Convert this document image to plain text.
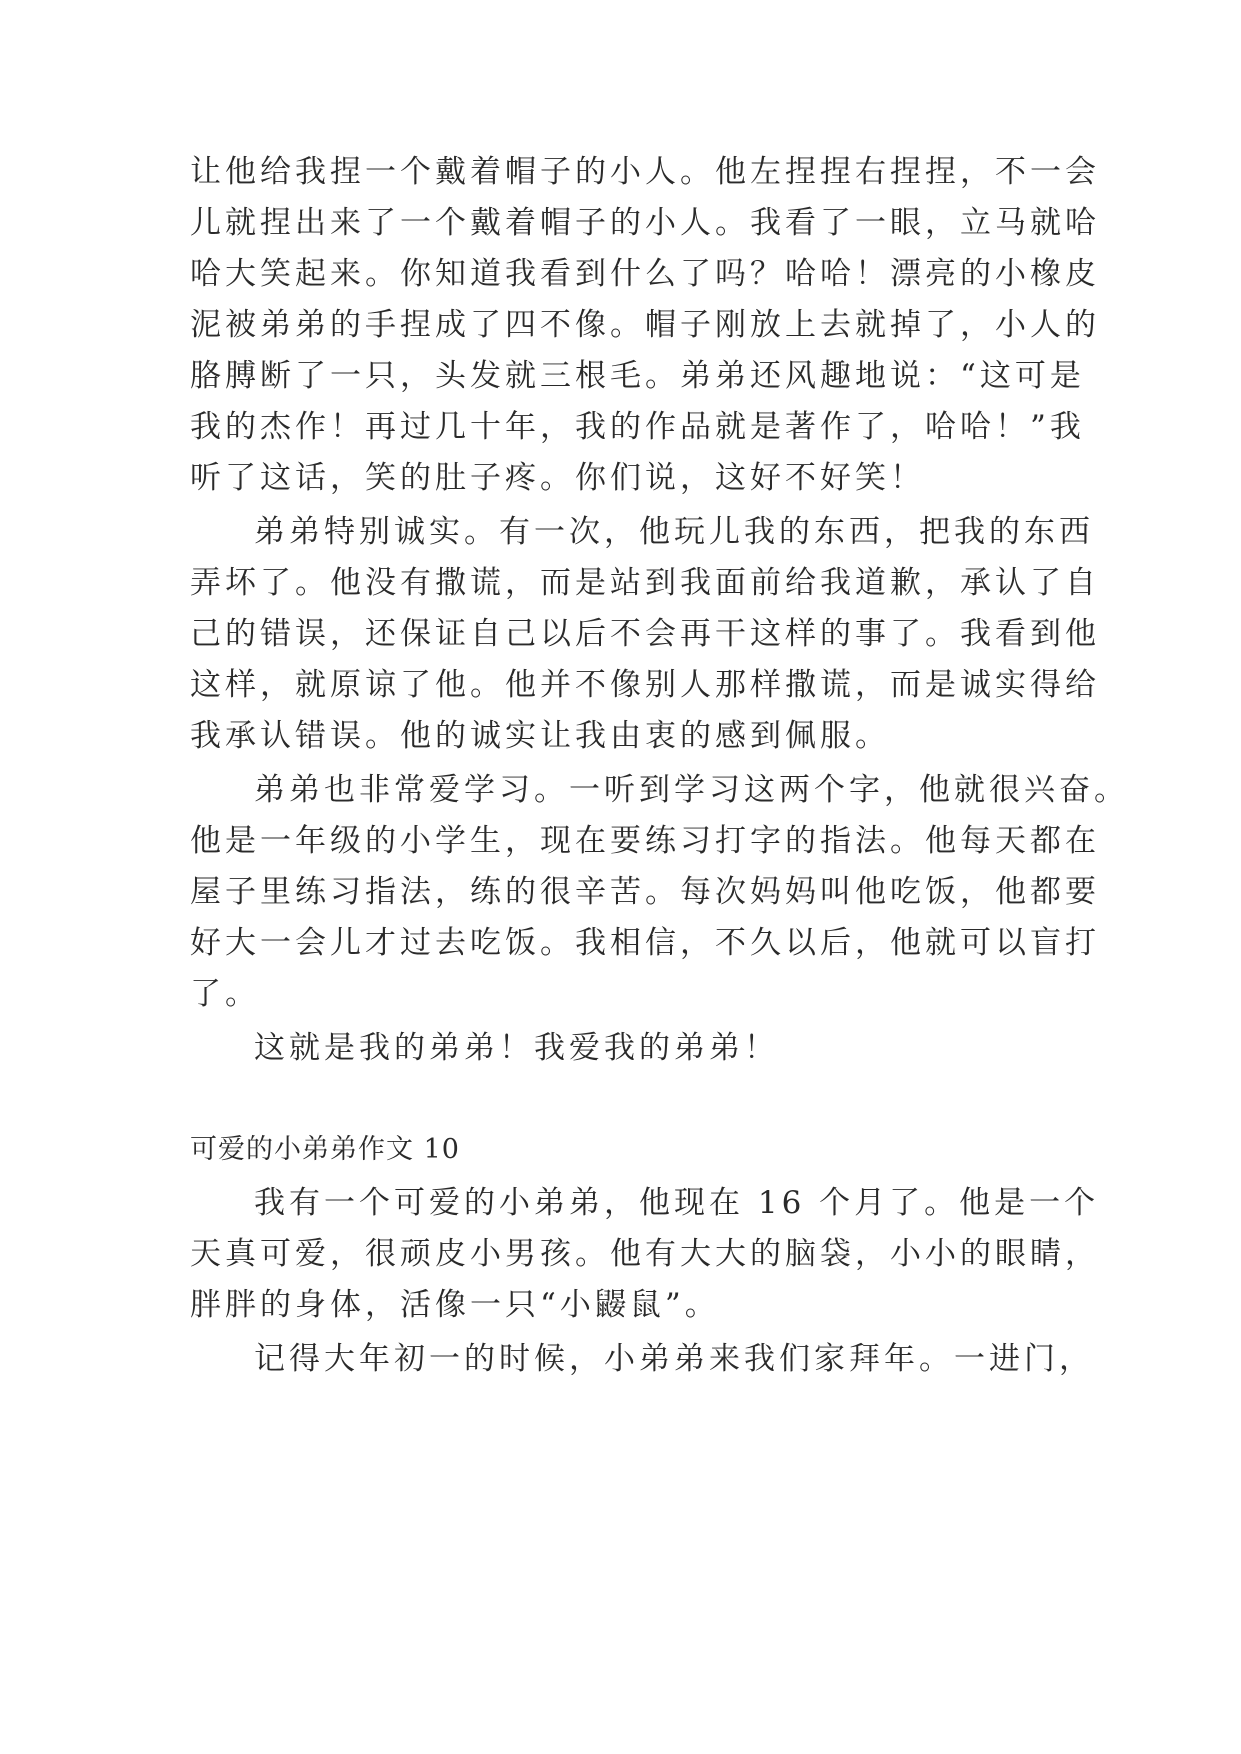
让他给我捏一个戴着帽子的小人。他左捏捏右捏捏，不一会
儿就捏出来了一个戴着帽子的小人。我看了一眼，立马就哈
哈大笑起来。你知道我看到什么了吗？哈哈！漂亮的小橡皮
泥被弟弟的手捏成了四不像。帽子刚放上去就掉了，小人的
胳膊断了一只，头发就三根毛。弟弟还风趣地说：“这可是
我的杰作！再过几十年，我的作品就是著作了，哈哈！”我
听了这话，笑的肚子疼。你们说，这好不好笑！
弟弟特别诚实。有一次，他玩儿我的东西，把我的东西
弄坏了。他没有撒谎，而是站到我面前给我道歉，承认了自
己的错误，还保证自己以后不会再干这样的事了。我看到他
这样，就原谅了他。他并不像别人那样撒谎，而是诚实得给
我承认错误。他的诚实让我由衷的感到佩服。
弟弟也非常爱学习。一听到学习这两个字，他就很兴奋。
他是一年级的小学生，现在要练习打字的指法。他每天都在
屋子里练习指法，练的很辛苦。每次妈妈叫他吃饭，他都要
好大一会儿才过去吃饭。我相信，不久以后，他就可以盲打
了。
这就是我的弟弟！我爱我的弟弟！
可爱的小弟弟作文 10
我有一个可爱的小弟弟，他现在 16 个月了。他是一个
天真可爱，很顽皮小男孩。他有大大的脑袋，小小的眼睛，
胖胖的身体，活像一只“小鼹鼠”。
记得大年初一的时候，小弟弟来我们家拜年。一进门，
